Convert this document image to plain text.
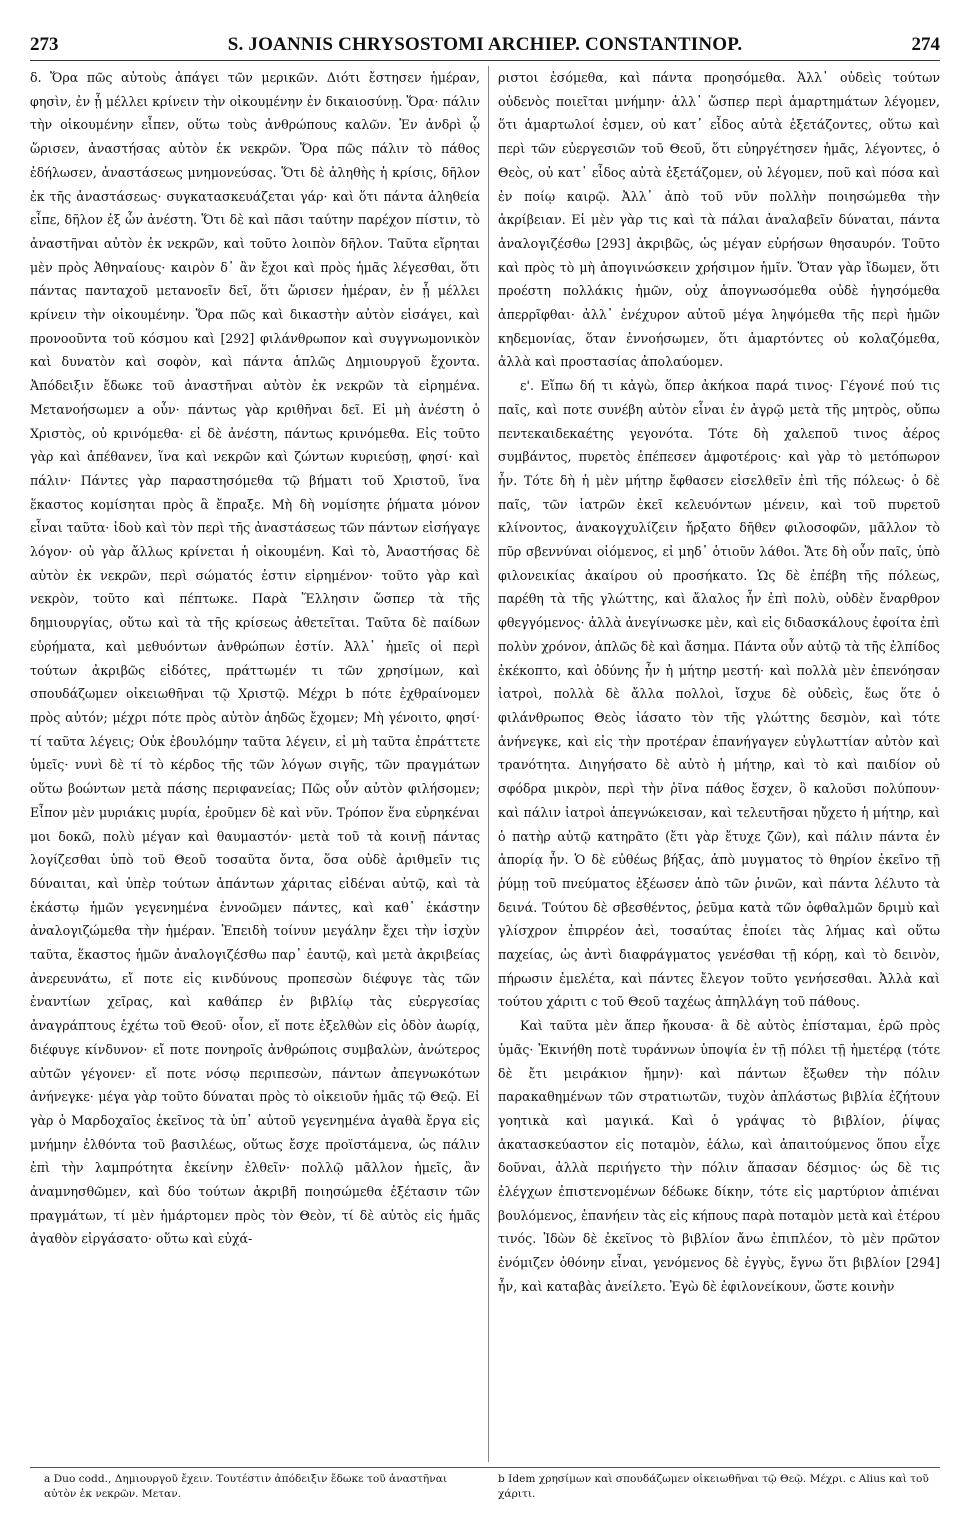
273	S. JOANNIS CHRYSOSTOMI ARCHIEP. CONSTANTINOP.	274

δ. Ὅρα πῶς αὐτοὺς ἀπάγει τῶν μερικῶν. Διότι ἔστησεν ἡμέραν, φησὶν, ἐν ᾗ μέλλει κρίνειν τὴν οἰκουμένην ἐν δικαιοσύνῃ. Ὅρα· πάλιν τὴν οἰκουμένην εἶπεν, οὕτω τοὺς ἀνθρώπους καλῶν. Ἐν ἀνδρὶ ᾧ ὥρισεν, ἀναστήσας αὐτὸν ἐκ νεκρῶν. Ὅρα πῶς πάλιν τὸ πάθος ἐδήλωσεν, ἀναστάσεως μνημονεύσας. Ὅτι δὲ ἀληθὴς ἡ κρίσις, δῆλον ἐκ τῆς ἀναστάσεως· συγκατασκευάζεται γάρ· καὶ ὅτι πάντα ἀληθεία εἶπε, δῆλον ἐξ ὧν ἀνέστη. Ὅτι δὲ καὶ πᾶσι ταύτην παρέχον πίστιν, τὸ ἀναστῆναι αὐτὸν ἐκ νεκρῶν, καὶ τοῦτο λοιπὸν δῆλον. Ταῦτα εἴρηται μὲν πρὸς Ἀθηναίους· καιρὸν δ᾽ ἂν ἔχοι καὶ πρὸς ἡμᾶς λέγεσθαι, ὅτι πάντας πανταχοῦ μετανοεῖν δεῖ, ὅτι ὥρισεν ἡμέραν, ἐν ᾗ μέλλει κρίνειν τὴν οἰκουμένην. Ὅρα πῶς καὶ δικαστὴν αὐτὸν εἰσάγει, καὶ προνοοῦντα τοῦ κόσμου καὶ [292] φιλάνθρωπον καὶ συγγνωμονικὸν καὶ δυνατὸν καὶ σοφὸν, καὶ πάντα ἁπλῶς Δημιουργοῦ ἔχοντα. Ἀπόδειξιν ἔδωκε τοῦ ἀναστῆναι αὐτὸν ἐκ νεκρῶν τὰ εἰρημένα. Μετανοήσωμεν a οὖν· πάντως γὰρ κριθῆναι δεῖ. Εἰ μὴ ἀνέστη ὁ Χριστὸς, οὐ κρινόμεθα· εἰ δὲ ἀνέστη, πάντως κρινόμεθα. Εἰς τοῦτο γὰρ καὶ ἀπέθανεν, ἵνα καὶ νεκρῶν καὶ ζώντων κυριεύσῃ, φησί· καὶ πάλιν· Πάντες γὰρ παραστησόμεθα τῷ βήματι τοῦ Χριστοῦ, ἵνα ἕκαστος κομίσηται πρὸς ἃ ἔπραξε. Μὴ δὴ νομίσητε ῥήματα μόνον εἶναι ταῦτα· ἰδοὺ καὶ τὸν περὶ τῆς ἀναστάσεως τῶν πάντων εἰσήγαγε λόγον· οὐ γὰρ ἄλλως κρίνεται ἡ οἰκουμένη. Καὶ τὸ, Ἀναστήσας δὲ αὐτὸν ἐκ νεκρῶν, περὶ σώματός ἐστιν εἰρημένον· τοῦτο γὰρ καὶ νεκρὸν, τοῦτο καὶ πέπτωκε. Παρὰ Ἕλλησιν ὥσπερ τὰ τῆς δημιουργίας, οὕτω καὶ τὰ τῆς κρίσεως ἀθετεῖται. Ταῦτα δὲ παίδων εὑρήματα, καὶ μεθυόντων ἀνθρώπων ἐστίν. Ἀλλ᾽ ἡμεῖς οἱ περὶ τούτων ἀκριβῶς εἰδότες, πράττωμέν τι τῶν χρησίμων, καὶ σπουδάζωμεν οἰκειωθῆναι τῷ Χριστῷ. Μέχρι b πότε ἐχθραίνομεν πρὸς αὐτόν; μέχρι πότε πρὸς αὐτὸν ἀηδῶς ἔχομεν; Μὴ γένοιτο, φησί· τί ταῦτα λέγεις; Οὐκ ἐβουλόμην ταῦτα λέγειν, εἰ μὴ ταῦτα ἐπράττετε ὑμεῖς· νυνὶ δὲ τί τὸ κέρδος τῆς τῶν λόγων σιγῆς, τῶν πραγμάτων οὕτω βοώντων μετὰ πάσης περιφανείας; Πῶς οὖν αὐτὸν φιλήσομεν; Εἶπον μὲν μυριάκις μυρία, ἐροῦμεν δὲ καὶ νῦν. Τρόπον ἕνα εὑρηκέναι μοι δοκῶ, πολὺ μέγαν καὶ θαυμαστόν· μετὰ τοῦ τὰ κοινῇ πάντας λογίζεσθαι ὑπὸ τοῦ Θεοῦ τοσαῦτα ὄντα, ὅσα οὐδὲ ἀριθμεῖν τις δύναιται, καὶ ὑπὲρ τούτων ἁπάντων χάριτας εἰδέναι αὐτῷ, καὶ τὰ ἑκάστῳ ἡμῶν γεγενημένα ἐννοῶμεν πάντες, καὶ καθ᾽ ἑκάστην ἀναλογιζώμεθα τὴν ἡμέραν. Ἐπειδὴ τοίνυν μεγάλην ἔχει τὴν ἰσχὺν ταῦτα, ἕκαστος ἡμῶν ἀναλογιζέσθω παρ᾽ ἑαυτῷ, καὶ μετὰ ἀκριβείας ἀνερευνάτω, εἴ ποτε εἰς κινδύνους προπεσὼν διέφυγε τὰς τῶν ἐναντίων χεῖρας, καὶ καθάπερ ἐν βιβλίῳ τὰς εὐεργεσίας ἀναγράπτους ἐχέτω τοῦ Θεοῦ· οἷον, εἴ ποτε ἐξελθὼν εἰς ὁδὸν ἀωρίᾳ, διέφυγε κίνδυνον· εἴ ποτε πονηροῖς ἀνθρώποις συμβαλὼν, ἀνώτερος αὐτῶν γέγονεν· εἴ ποτε νόσῳ περιπεσὼν, πάντων ἀπεγνωκότων ἀνήνεγκε· μέγα γὰρ τοῦτο δύναται πρὸς τὸ οἰκειοῦν ἡμᾶς τῷ Θεῷ. Εἰ γὰρ ὁ Μαρδοχαῖος ἐκεῖνος τὰ ὑπ᾽ αὐτοῦ γεγενημένα ἀγαθὰ ἔργα εἰς μνήμην ἐλθόντα τοῦ βασιλέως, οὕτως ἔσχε προϊστάμενα, ὡς πάλιν ἐπὶ τὴν λαμπρότητα ἐκείνην ἐλθεῖν· πολλῷ μᾶλλον ἡμεῖς, ἂν ἀναμνησθῶμεν, καὶ δύο τούτων ἀκριβῆ ποιησώμεθα ἐξέτασιν τῶν πραγμάτων, τί μὲν ἡμάρτομεν πρὸς τὸν Θεὸν, τί δὲ αὐτὸς εἰς ἡμᾶς ἀγαθὸν εἰργάσατο· οὕτω καὶ εὐχά-

ριστοι ἐσόμεθα, καὶ πάντα προησόμεθα. Ἀλλ᾽ οὐδεὶς τούτων οὐδενὸς ποιεῖται μνήμην· ἀλλ᾽ ὥσπερ περὶ ἁμαρτημάτων λέγομεν, ὅτι ἁμαρτωλοί ἐσμεν, οὐ κατ᾽ εἶδος αὐτὰ ἐξετάζοντες, οὕτω καὶ περὶ τῶν εὐεργεσιῶν τοῦ Θεοῦ, ὅτι εὐηργέτησεν ἡμᾶς, λέγοντες, ὁ Θεὸς, οὐ κατ᾽ εἶδος αὐτὰ ἐξετάζομεν, οὐ λέγομεν, ποῦ καὶ πόσα καὶ ἐν ποίῳ καιρῷ. Ἀλλ᾽ ἀπὸ τοῦ νῦν πολλὴν ποιησώμεθα τὴν ἀκρίβειαν. Εἰ μὲν γὰρ τις καὶ τὰ πάλαι ἀναλαβεῖν δύναται, πάντα ἀναλογιζέσθω [293] ἀκριβῶς, ὡς μέγαν εὑρήσων θησαυρόν. Τοῦτο καὶ πρὸς τὸ μὴ ἀπογινώσκειν χρήσιμον ἡμῖν. Ὅταν γὰρ ἴδωμεν, ὅτι προέστη πολλάκις ἡμῶν, οὐχ ἀπογνωσόμεθα οὐδὲ ἡγησόμεθα ἀπερρῖφθαι· ἀλλ᾽ ἐνέχυρον αὐτοῦ μέγα ληψόμεθα τῆς περὶ ἡμῶν κηδεμονίας, ὅταν ἐννοήσωμεν, ὅτι ἁμαρτόντες οὐ κολαζόμεθα, ἀλλὰ καὶ προστασίας ἀπολαύομεν.

ε'. Εἴπω δή τι κἀγὼ, ὅπερ ἀκήκοα παρά τινος· Γέγονέ πού τις παῖς, καὶ ποτε συνέβη αὐτὸν εἶναι ἐν ἀγρῷ μετὰ τῆς μητρὸς, οὔπω πεντεκαιδεκαέτης γεγονότα. Τότε δὴ χαλεποῦ τινος ἀέρος συμβάντος, πυρετὸς ἐπέπεσεν ἀμφοτέροις· καὶ γὰρ τὸ μετόπωρον ἦν. Τότε δὴ ἡ μὲν μήτηρ ἔφθασεν εἰσελθεῖν ἐπὶ τῆς πόλεως· ὁ δὲ παῖς, τῶν ἰατρῶν ἐκεῖ κελευόντων μένειν, καὶ τοῦ πυρετοῦ κλίνοντος, ἀνακογχυλίζειν ἤρξατο δῆθεν φιλοσοφῶν, μᾶλλον τὸ πῦρ σβεννύναι οἰόμενος, εἰ μηδ᾽ ὁτιοῦν λάθοι. Ἅτε δὴ οὖν παῖς, ὑπὸ φιλονεικίας ἀκαίρου οὐ προσήκατο. Ὡς δὲ ἐπέβη τῆς πόλεως, παρέθη τὰ τῆς γλώττης, καὶ ἄλαλος ἦν ἐπὶ πολὺ, οὐδὲν ἔναρθρον φθεγγόμενος· ἀλλὰ ἀνεγίνωσκε μὲν, καὶ εἰς διδασκάλους ἐφοίτα ἐπὶ πολὺν χρόνον, ἁπλῶς δὲ καὶ ἄσημα. Πάντα οὖν αὐτῷ τὰ τῆς ἐλπίδος ἐκέκοπτο, καὶ ὀδύνης ἦν ἡ μήτηρ μεστή· καὶ πολλὰ μὲν ἐπενόησαν ἰατροὶ, πολλὰ δὲ ἄλλα πολλοὶ, ἴσχυε δὲ οὐδεὶς, ἕως ὅτε ὁ φιλάνθρωπος Θεὸς ἰάσατο τὸν τῆς γλώττης δεσμὸν, καὶ τότε ἀνήνεγκε, καὶ εἰς τὴν προτέραν ἐπανήγαγεν εὐγλωττίαν αὐτὸν καὶ τρανότητα. Διηγήσατο δὲ αὐτὸ ἡ μήτηρ, καὶ τὸ καὶ παιδίον οὐ σφόδρα μικρὸν, περὶ τὴν ῥῖνα πάθος ἔσχεν, ὃ καλοῦσι πολύπουν· καὶ πάλιν ἰατροὶ ἀπεγνώκεισαν, καὶ τελευτῆσαι ηὔχετο ἡ μήτηρ, καὶ ὁ πατὴρ αὐτῷ κατηρᾶτο (ἔτι γὰρ ἔτυχε ζῶν), καὶ πάλιν πάντα ἐν ἀπορίᾳ ἦν. Ὁ δὲ εὐθέως βήξας, ἀπὸ μυγματος τὸ θηρίον ἐκεῖνο τῇ ῥύμῃ τοῦ πνεύματος ἐξέωσεν ἀπὸ τῶν ῥινῶν, καὶ πάντα λέλυτο τὰ δεινά. Τούτου δὲ σβεσθέντος, ῥεῦμα κατὰ τῶν ὀφθαλμῶν δριμὺ καὶ γλίσχρον ἐπιρρέον ἀεὶ, τοσαύτας ἐποίει τὰς λήμας καὶ οὕτω παχείας, ὡς ἀντὶ διαφράγματος γενέσθαι τῇ κόρῃ, καὶ τὸ δεινὸν, πήρωσιν ἐμελέτα, καὶ πάντες ἔλεγον τοῦτο γενήσεσθαι. Ἀλλὰ καὶ τούτου χάριτι c τοῦ Θεοῦ ταχέως ἀπηλλάγη τοῦ πάθους.

Καὶ ταῦτα μὲν ἅπερ ἤκουσα· ἃ δὲ αὐτὸς ἐπίσταμαι, ἐρῶ πρὸς ὑμᾶς· Ἐκινήθη ποτὲ τυράννων ὑποψία ἐν τῇ πόλει τῇ ἡμετέρᾳ (τότε δὲ ἔτι μειράκιον ἤμην)· καὶ πάντων ἔξωθεν τὴν πόλιν παρακαθημένων τῶν στρατιωτῶν, τυχὸν ἀπλάστως βιβλία ἐζήτουν γοητικὰ καὶ μαγικά. Καὶ ὁ γράψας τὸ βιβλίον, ῥίψας ἀκατασκεύαστον εἰς ποταμὸν, ἑάλω, καὶ ἀπαιτούμενος ὅπου εἶχε δοῦναι, ἀλλὰ περιήγετο τὴν πόλιν ἅπασαν δέσμιος· ὡς δὲ τις ἐλέγχων ἐπιστενομένων δέδωκε δίκην, τότε εἰς μαρτύριον ἀπιέναι βουλόμενος, ἐπανήειν τὰς εἰς κήπους παρὰ ποταμὸν μετὰ καὶ ἑτέρου τινός. Ἰδὼν δὲ ἐκεῖνος τὸ βιβλίον ἄνω ἐπιπλέον, τὸ μὲν πρῶτον ἐνόμιζεν ὀθόνην εἶναι, γενόμενος δὲ ἐγγὺς, ἔγνω ὅτι βιβλίον [294] ἦν, καὶ καταβὰς ἀνείλετο. Ἐγὼ δὲ ἐφιλονείκουν, ὥστε κοινὴν

a Duo codd., Δημιουργοῦ ἔχειν. Τουτέστιν ἀπόδειξιν ἔδωκε τοῦ ἀναστῆναι αὐτὸν ἐκ νεκρῶν. Μεταν.

b Idem χρησίμων καὶ σπουδάζωμεν οἰκειωθῆναι τῷ Θεῷ. Μέχρι. c Alius καὶ τοῦ χάριτι.
